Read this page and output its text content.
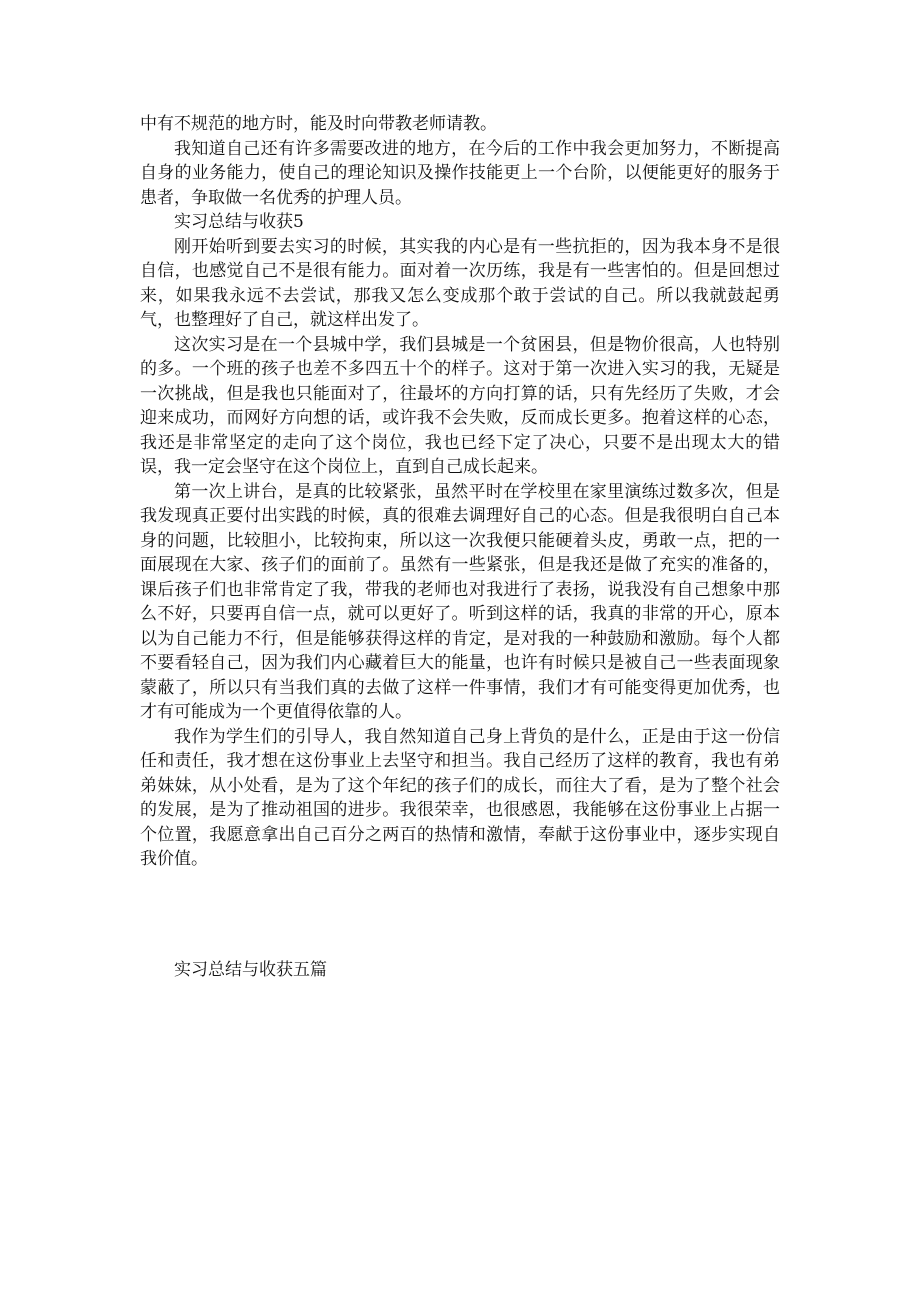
中有不规范的地方时，能及时向带教老师请教。

我知道自己还有许多需要改进的地方，在今后的工作中我会更加努力，不断提高自身的业务能力，使自己的理论知识及操作技能更上一个台阶，以便能更好的服务于患者，争取做一名优秀的护理人员。

实习总结与收获5

刚开始听到要去实习的时候，其实我的内心是有一些抗拒的，因为我本身不是很自信，也感觉自己不是很有能力。面对着一次历练，我是有一些害怕的。但是回想过来，如果我永远不去尝试，那我又怎么变成那个敢于尝试的自己。所以我就鼓起勇气，也整理好了自己，就这样出发了。

这次实习是在一个县城中学，我们县城是一个贫困县，但是物价很高，人也特别的多。一个班的孩子也差不多四五十个的样子。这对于第一次进入实习的我，无疑是一次挑战，但是我也只能面对了，往最坏的方向打算的话，只有先经历了失败，才会迎来成功，而网好方向想的话，或许我不会失败，反而成长更多。抱着这样的心态，我还是非常坚定的走向了这个岗位，我也已经下定了决心，只要不是出现太大的错误，我一定会坚守在这个岗位上，直到自己成长起来。

第一次上讲台，是真的比较紧张，虽然平时在学校里在家里演练过数多次，但是我发现真正要付出实践的时候，真的很难去调理好自己的心态。但是我很明白自己本身的问题，比较胆小，比较拘束，所以这一次我便只能硬着头皮，勇敢一点，把的一面展现在大家、孩子们的面前了。虽然有一些紧张，但是我还是做了充实的准备的，课后孩子们也非常肯定了我，带我的老师也对我进行了表扬，说我没有自己想象中那么不好，只要再自信一点，就可以更好了。听到这样的话，我真的非常的开心，原本以为自己能力不行，但是能够获得这样的肯定，是对我的一种鼓励和激励。每个人都不要看轻自己，因为我们内心藏着巨大的能量，也许有时候只是被自己一些表面现象蒙蔽了，所以只有当我们真的去做了这样一件事情，我们才有可能变得更加优秀，也才有可能成为一个更值得依靠的人。

我作为学生们的引导人，我自然知道自己身上背负的是什么，正是由于这一份信任和责任，我才想在这份事业上去坚守和担当。我自己经历了这样的教育，我也有弟弟妹妹，从小处看，是为了这个年纪的孩子们的成长，而往大了看，是为了整个社会的发展，是为了推动祖国的进步。我很荣幸，也很感恩，我能够在这份事业上占据一个位置，我愿意拿出自己百分之两百的热情和激情，奉献于这份事业中，逐步实现自我价值。

实习总结与收获五篇
